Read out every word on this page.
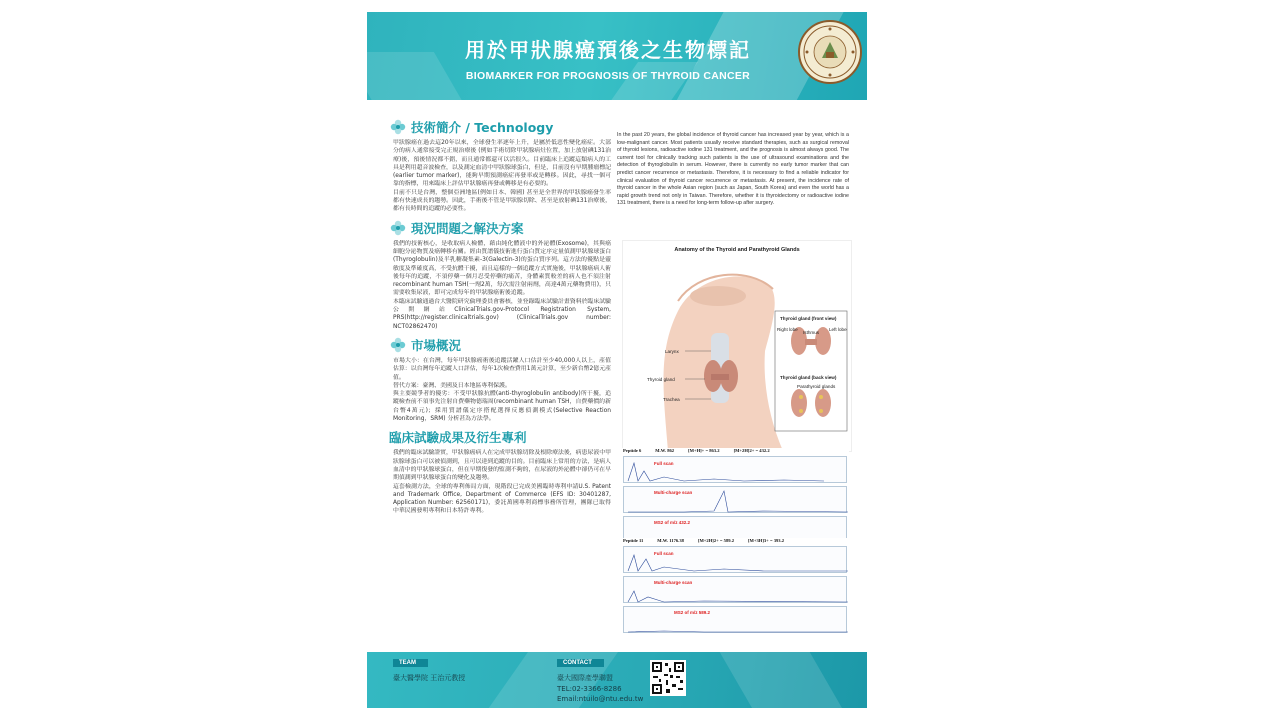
用於甲狀腺癌預後之生物標記
BIOMARKER FOR PROGNOSIS OF THYROID CANCER
技術簡介 / Technology

甲狀腺癌在過去這20年以來，全球發生率逐年上升，是屬於低惡性變化癌症。大部分的病人通常接受完正規治療後 (例如手術切除甲狀腺病灶位置，加上放射碘131治療)後，預後情況都不錯，而且通常都還可以活很久。目前臨床上追蹤這類病人的工具是利用超音波檢查，以及測定血清中甲狀腺球蛋白，但是，目前沒有早期腫瘤標記 (earlier tumor marker)，能夠早期預測癌症再發率或是轉移。因此，尋找一個可靠的指標，用來臨床上評估甲狀腺癌再發或轉移是有必要的。

目前不只是台灣，整個亞洲地區(例如日本、韓國) 甚至是全世界的甲狀腺癌發生率都有快速成長的趨勢。因此，手術後不管是甲狀腺切除、甚至是放射碘131治療後，都有長時間的追蹤的必要性。

現況問題之解決方案

我們的技術核心，是收取病人檢體，藉由純化體液中的外泌體(Exosome)，其與癌細胞分泌物質及癌轉移有關。經由質譜儀技術進行蛋白質定序定量偵測甲狀腺球蛋白(Thyroglobulin)及半乳糖凝集素-3(Galectin-3)的蛋白質序列。這方法的優點是靈敏度及準確度高，不受抗體干擾，而且這樣的一個追蹤方式實施後，甲狀腺癌病人術後每年的追蹤，不須停藥一個月忍受停藥的痛苦，身體素質較差的病人也不須注射recombinant human TSH(一劑2萬，每次需注射兩劑，高達4萬元藥物費用)，只需要收集尿液，即可完成每年的甲狀腺癌術後追蹤。

本臨床試驗通過台大醫院研究倫理委員會審核，並登錄臨床試驗計畫資料於臨床試驗公開網站ClinicalTrials.gov-Protocol Registration System, PRS(http://register.clinicaltrials.gov) (ClinicalTrials.gov number: NCT02862470)

市場概況

市場大小：在台灣，每年甲狀腺癌術後追蹤活躍人口估計至少40,000人以上，產值估算：以台灣每年追蹤人口評估，每年1次檢查費用1萬元計算，至少新台幣2億元產值。

替代方案：臺灣、美國及日本地區專利保護。

與主要競爭者的優劣：不受甲狀腺抗體(anti-thyroglobulin antibody)所干擾，追蹤檢查前不須事先注射自費藥物德瑞周(recombinant human TSH，自費藥價約新台幣4萬元)；採用質譜儀定序搭配選擇反應偵測模式(Selective Reaction Monitoring，SRM) 分析甚為方法學。

臨床試驗成果及衍生專利

我們的臨床試驗證實，甲狀腺癌病人在完成甲狀腺切除及根除療法後，病患尿液中甲狀腺球蛋白可以被偵測到，且可以達到追蹤的目的。目前臨床上常用的方法，是病人血清中的甲狀腺球蛋白，但在早期復發的監測不夠的，在尿液的外泌體中卻仍可在早期偵測到甲狀腺球蛋白的變化及趨勢。

這套檢測方法，全球的專利佈局方面，現階段已完成美國臨時專利申請U.S. Patent and Trademark Office, Department of Commerce (EFS ID: 30401287, Application Number: 62560171)，委託萬國專利商標事務所管理，團隊已取得中華民國發明專利和日本特許專利。

In the past 20 years, the global incidence of thyroid cancer has increased year by year, which is a low-malignant cancer. Most patients usually receive standard therapies, such as surgical removal of thyroid lesions, radioactive iodine 131 treatment, and the prognosis is almost always good. The current tool for clinically tracking such patients is the use of ultrasound examinations and the detection of thyroglobulin in serum. However, there is currently no early tumor marker that can predict cancer recurrence or metastasis. Therefore, it is necessary to find a reliable indicator for clinical evaluation of thyroid cancer recurrence or metastasis. At present, the incidence rate of thyroid cancer in the whole Asian region (such as Japan, South Korea) and even the world has a rapid growth trend not only in Taiwan. Therefore, whether it is thyroidectomy or radioactive iodine 131 treatment, there is a need for long-term follow-up after surgery.
Anatomy of the Thyroid and Parathyroid Glands
Larynx
Thyroid gland
Trachea
Thyroid gland (front view)
Right lobe	Left lobe
Isthmus
Thyroid gland (back view)
Parathyroid glands
Peptide 6	M.W. 862	[M+H]+ = 863.2	[M+2H]2+ = 432.2
Full scan
Multi-charge scan
MS2 of m/z 432.2
Peptide 11	M.W. 1176.38	[M+2H]2+ = 589.2	[M+3H]3+ = 393.2
Full scan
Multi-charge scan
MS2 of m/z 589.2
TEAM
臺大醫學院 王治元教授
CONTACT
臺大國際產學聯盟
TEL:02-3366-8286
Email:ntuilo@ntu.edu.tw
